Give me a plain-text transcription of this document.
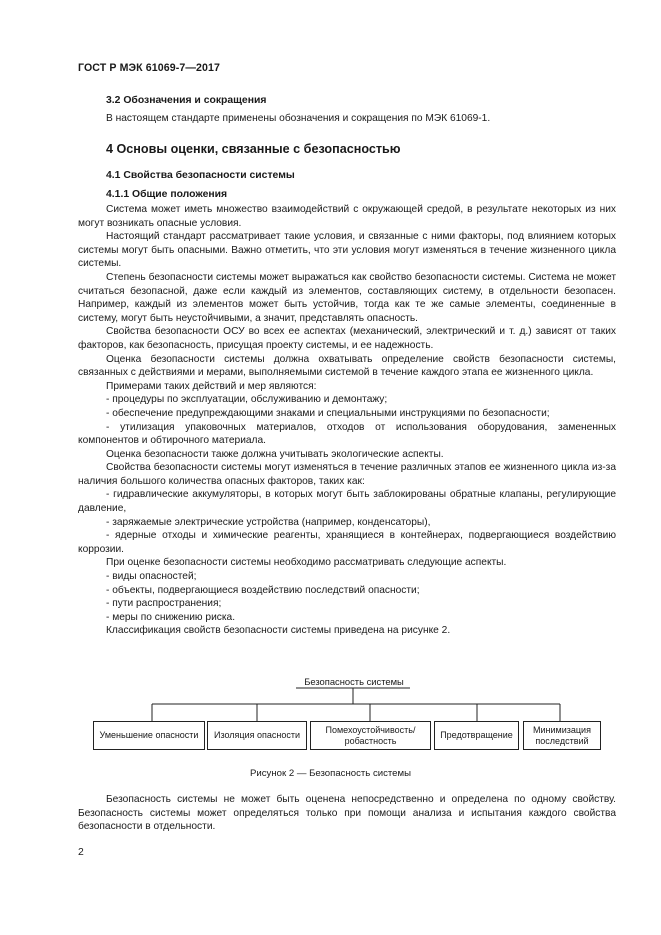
ГОСТ Р МЭК 61069-7—2017
3.2 Обозначения и сокращения

В настоящем стандарте применены обозначения и сокращения по МЭК 61069-1.

4 Основы оценки, связанные с безопасностью
4.1 Свойства безопасности системы
4.1.1 Общие положения

Система может иметь множество взаимодействий с окружающей средой, в результате некоторых из них могут возникать опасные условия.

Настоящий стандарт рассматривает такие условия, и связанные с ними факторы, под влиянием которых системы могут быть опасными. Важно отметить, что эти условия могут изменяться в течение жизненного цикла системы.

Степень безопасности системы может выражаться как свойство безопасности системы. Система не может считаться безопасной, даже если каждый из элементов, составляющих систему, в отдельности безопасен. Например, каждый из элементов может быть устойчив, тогда как те же самые элементы, соединенные в систему, могут быть неустойчивыми, а значит, представлять опасность.

Свойства безопасности ОСУ во всех ее аспектах (механический, электрический и т. д.) зависят от таких факторов, как безопасность, присущая проекту системы, и ее надежность.

Оценка безопасности системы должна охватывать определение свойств безопасности системы, связанных с действиями и мерами, выполняемыми системой в течение каждого этапа ее жизненного цикла.

Примерами таких действий и мер являются:

- процедуры по эксплуатации, обслуживанию и демонтажу;

- обеспечение предупреждающими знаками и специальными инструкциями по безопасности;

- утилизация упаковочных материалов, отходов от использования оборудования, замененных компонентов и обтирочного материала.

Оценка безопасности также должна учитывать экологические аспекты.

Свойства безопасности системы могут изменяться в течение различных этапов ее жизненного цикла из-за наличия большого количества опасных факторов, таких как:

- гидравлические аккумуляторы, в которых могут быть заблокированы обратные клапаны, регулирующие давление,

- заряжаемые электрические устройства (например, конденсаторы),

- ядерные отходы и химические реагенты, хранящиеся в контейнерах, подвергающиеся воздействию коррозии.

При оценке безопасности системы необходимо рассматривать следующие аспекты.

- виды опасностей;

- объекты, подвергающиеся воздействию последствий опасности;

- пути распространения;

- меры по снижению риска.

Классификация свойств безопасности системы приведена на рисунке 2.

Безопасность системы
Уменьшение опасности	Изоляция опасности
Помехоустойчивость/ робастность
Предотвращение
Минимизация последствий
Рисунок 2 — Безопасность системы

Безопасность системы не может быть оценена непосредственно и определена по одному свойству. Безопасность системы может определяться только при помощи анализа и испытания каждого свойства безопасности в отдельности.

2
